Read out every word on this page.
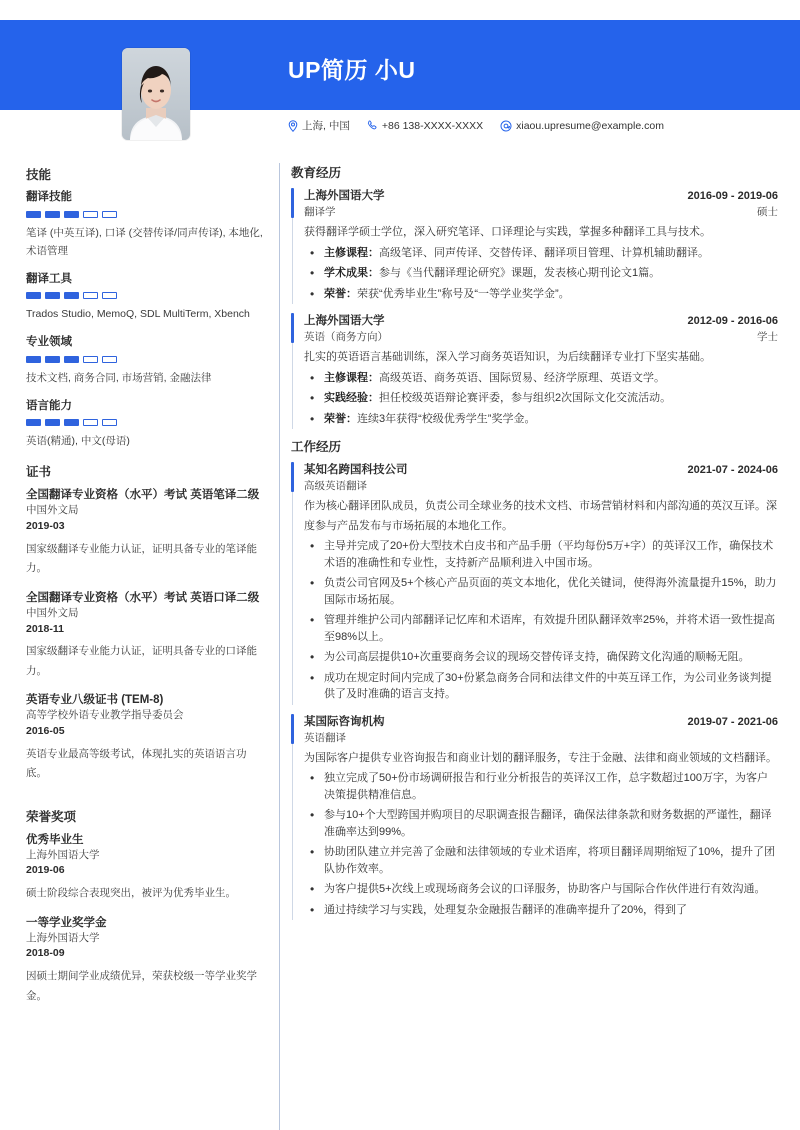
UP简历 小U
上海, 中国	+86 138-XXXX-XXXX	xiaou.upresume@example.com
技能
翻译技能
笔译 (中英互译), 口译 (交替传译/同声传译), 本地化, 术语管理
翻译工具
Trados Studio, MemoQ, SDL MultiTerm, Xbench
专业领域
技术文档, 商务合同, 市场营销, 金融法律
语言能力
英语(精通), 中文(母语)
证书
全国翻译专业资格（水平）考试 英语笔译二级
中国外文局
2019-03
国家级翻译专业能力认证，证明具备专业的笔译能力。
全国翻译专业资格（水平）考试 英语口译二级
中国外文局
2018-11
国家级翻译专业能力认证，证明具备专业的口译能力。
英语专业八级证书 (TEM-8)
高等学校外语专业教学指导委员会
2016-05
英语专业最高等级考试，体现扎实的英语语言功底。
荣誉奖项
优秀毕业生
上海外国语大学
2019-06
硕士阶段综合表现突出，被评为优秀毕业生。
一等学业奖学金
上海外国语大学
2018-09
因硕士期间学业成绩优异，荣获校级一等学业奖学金。
教育经历
上海外国语大学	2016-09 - 2019-06
翻译学	硕士
获得翻译学硕士学位，深入研究笔译、口译理论与实践，掌握多种翻译工具与技术。
• 主修课程：高级笔译、同声传译、交替传译、翻译项目管理、计算机辅助翻译。
• 学术成果：参与《当代翻译理论研究》课题，发表核心期刊论文1篇。
• 荣誉：荣获“优秀毕业生”称号及“一等学业奖学金”。
上海外国语大学	2012-09 - 2016-06
英语（商务方向）	学士
扎实的英语语言基础训练，深入学习商务英语知识，为后续翻译专业打下坚实基础。
• 主修课程：高级英语、商务英语、国际贸易、经济学原理、英语文学。
• 实践经验：担任校级英语辩论赛评委，参与组织2次国际文化交流活动。
• 荣誉：连续3年获得“校级优秀学生”奖学金。
工作经历
某知名跨国科技公司	2021-07 - 2024-06
高级英语翻译
作为核心翻译团队成员，负责公司全球业务的技术文档、市场营销材料和内部沟通的英汉互译。深度参与产品发布与市场拓展的本地化工作。
• 主导并完成了20+份大型技术白皮书和产品手册（平均每份5万+字）的英译汉工作，确保技术术语的准确性和专业性，支持新产品顺利进入中国市场。
• 负责公司官网及5+个核心产品页面的英文本地化，优化关键词，使得海外流量提升15%，助力国际市场拓展。
• 管理并维护公司内部翻译记忆库和术语库，有效提升团队翻译效率25%，并将术语一致性提高至98%以上。
• 为公司高层提供10+次重要商务会议的现场交替传译支持，确保跨文化沟通的顺畅无阻。
• 成功在规定时间内完成了30+份紧急商务合同和法律文件的中英互译工作，为公司业务谈判提供了及时准确的语言支持。
某国际咨询机构	2019-07 - 2021-06
英语翻译
为国际客户提供专业咨询报告和商业计划的翻译服务，专注于金融、法律和商业领域的文档翻译。
• 独立完成了50+份市场调研报告和行业分析报告的英译汉工作，总字数超过100万字，为客户决策提供精准信息。
• 参与10+个大型跨国并购项目的尽职调查报告翻译，确保法律条款和财务数据的严谨性，翻译准确率达到99%。
• 协助团队建立并完善了金融和法律领域的专业术语库，将项目翻译周期缩短了10%，提升了团队协作效率。
• 为客户提供5+次线上或现场商务会议的口译服务，协助客户与国际合作伙伴进行有效沟通。
• 通过持续学习与实践，处理复杂金融报告翻译的准确率提升了20%，得到了
